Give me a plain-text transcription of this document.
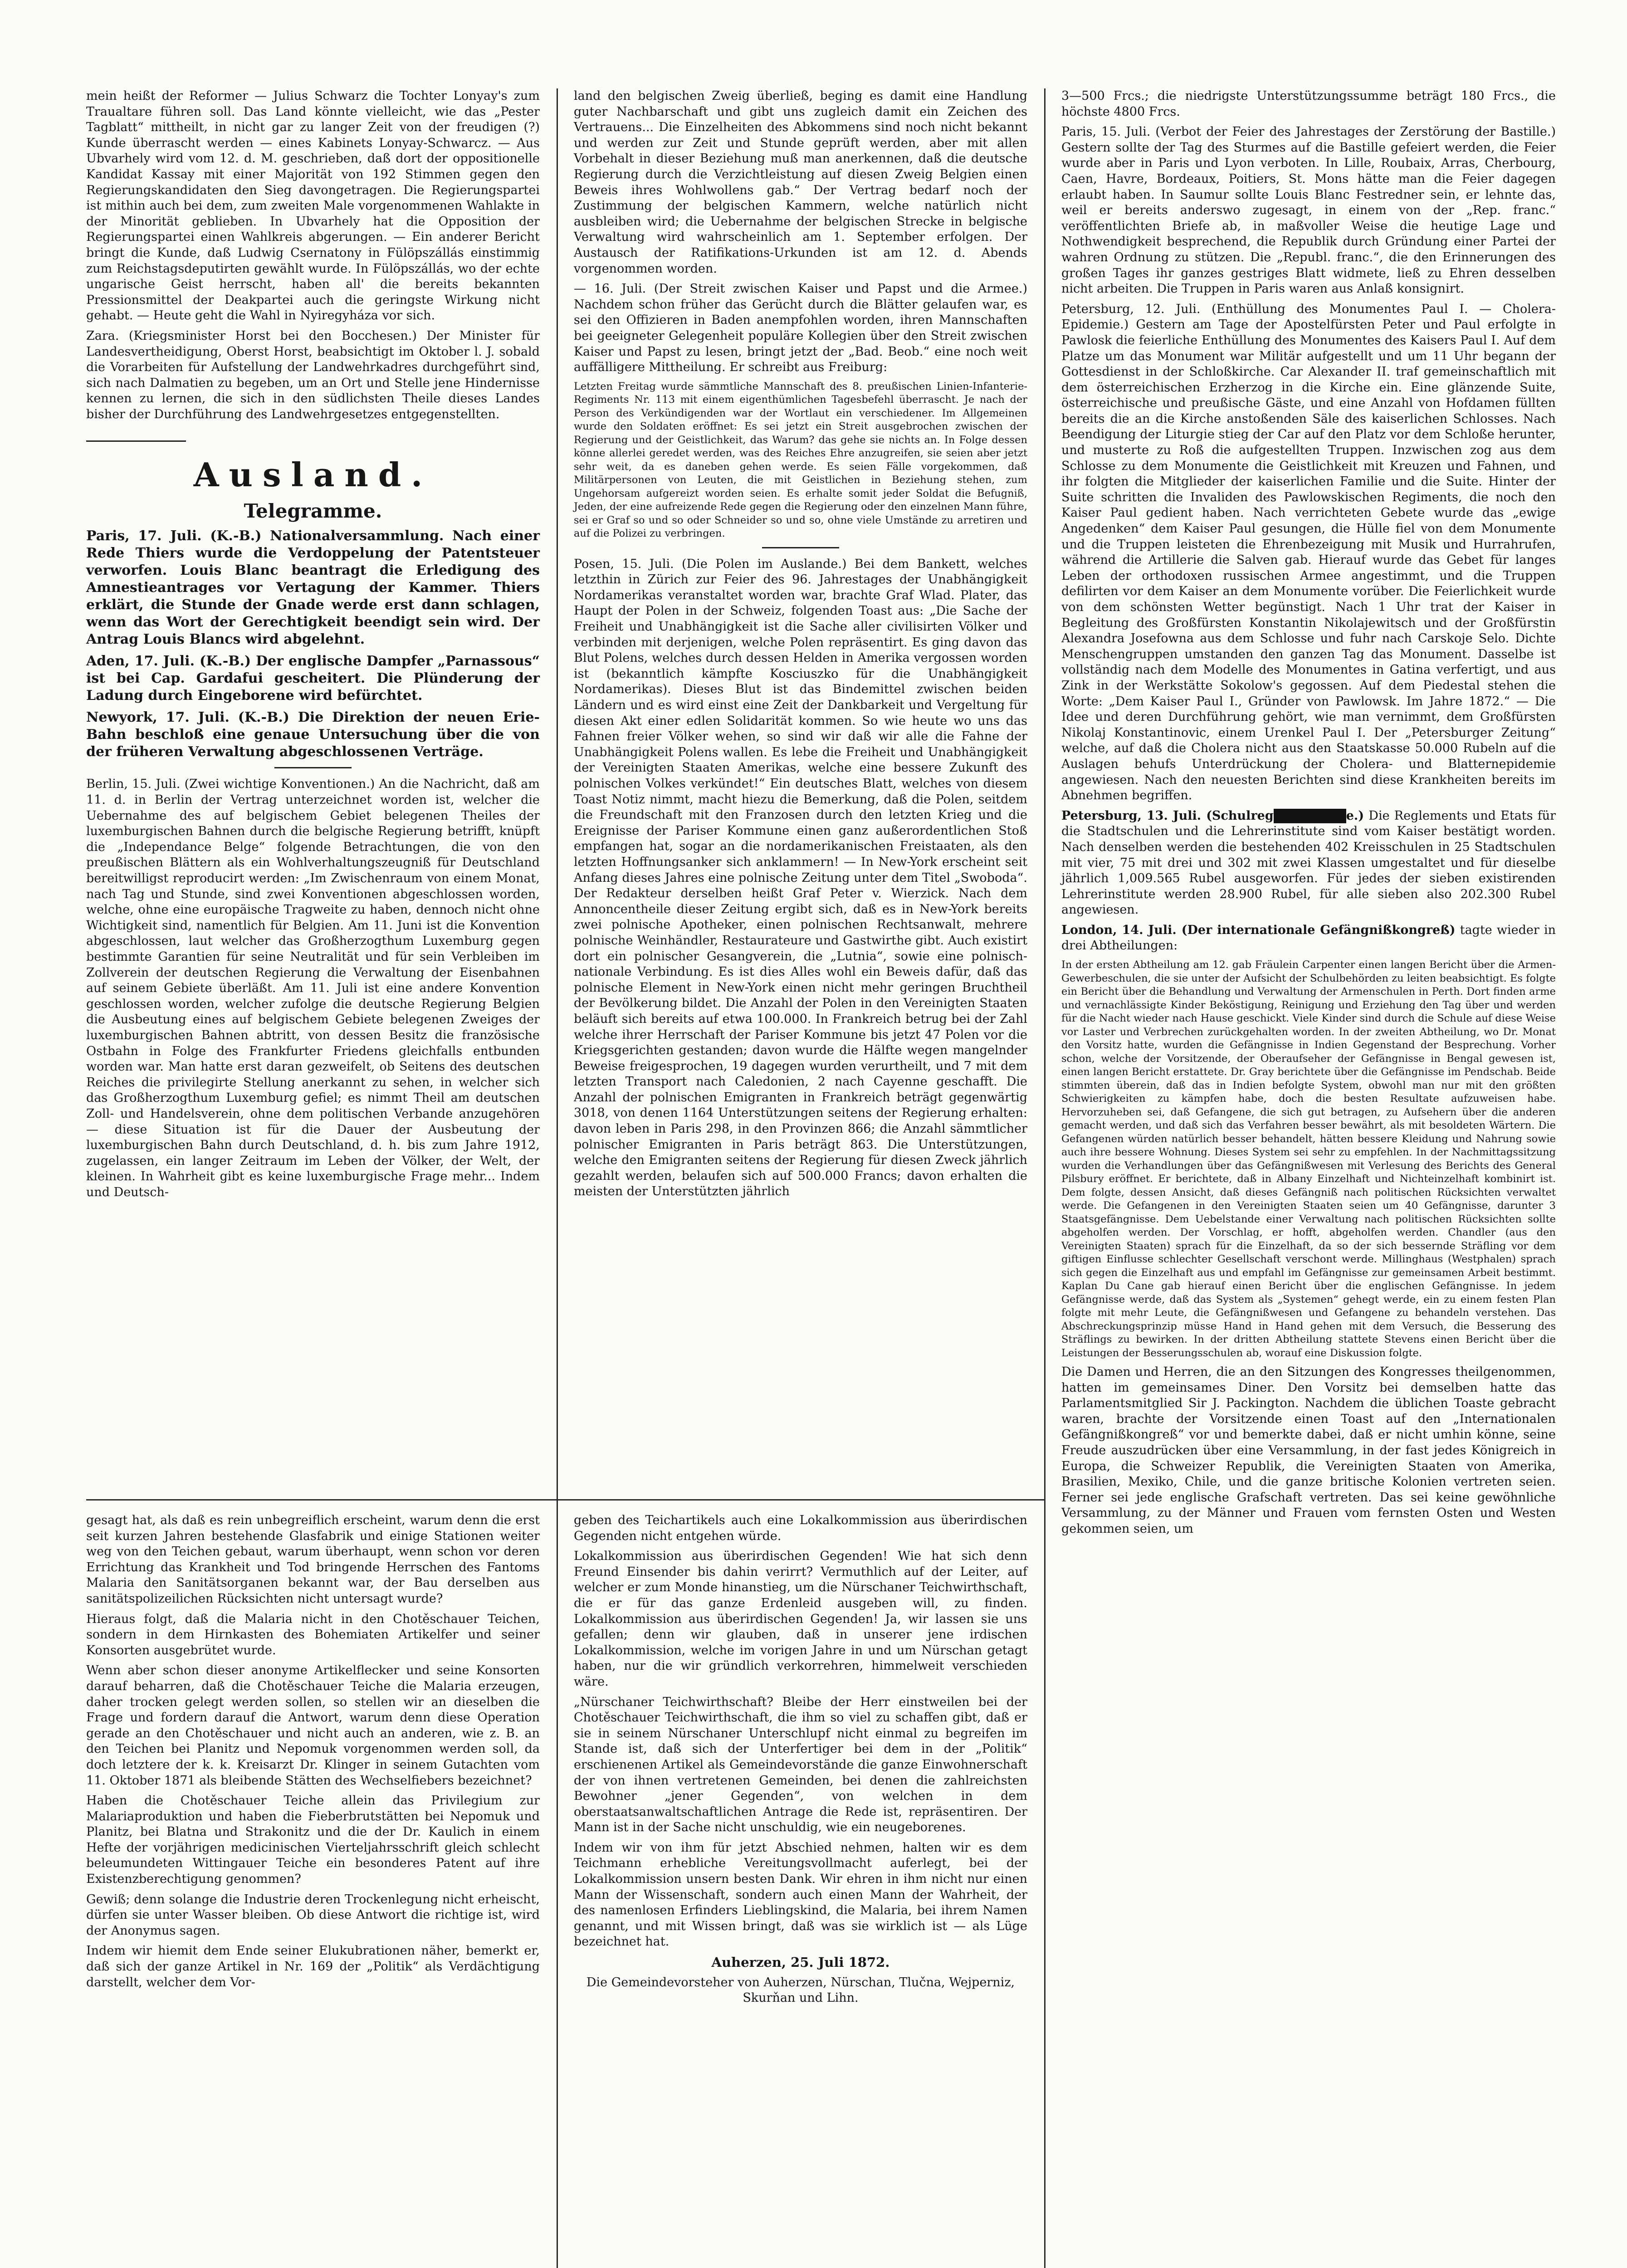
mein heißt der Reformer — Julius Schwarz die Tochter Lonyay's zum Traualtare führen soll. Das Land könnte vielleicht, wie das „Pester Tagblatt“ mittheilt, in nicht gar zu langer Zeit von der freudigen (?) Kunde überrascht werden — eines Kabinets Lonyay-Schwarcz. — Aus Ubvarhely wird vom 12. d. M. geschrieben, daß dort der oppositionelle Kandidat Kassay mit einer Majorität von 192 Stimmen gegen den Regierungskandidaten den Sieg davongetragen. Die Regierungspartei ist mithin auch bei dem, zum zweiten Male vorgenommenen Wahlakte in der Minorität geblieben. In Ubvarhely hat die Opposition der Regierungspartei einen Wahlkreis abgerungen. — Ein anderer Bericht bringt die Kunde, daß Ludwig Csernatony in Fülöpszállás einstimmig zum Reichstagsdeputirten gewählt wurde. In Fülöpszállás, wo der echte ungarische Geist herrscht, haben all' die bereits bekannten Pressionsmittel der Deakpartei auch die geringste Wirkung nicht gehabt. — Heute geht die Wahl in Nyiregyháza vor sich.

Zara. (Kriegsminister Horst bei den Bocchesen.) Der Minister für Landesvertheidigung, Oberst Horst, beabsichtigt im Oktober l. J. sobald die Vorarbeiten für Aufstellung der Landwehrkadres durchgeführt sind, sich nach Dalmatien zu begeben, um an Ort und Stelle jene Hindernisse kennen zu lernen, die sich in den südlichsten Theile dieses Landes bisher der Durchführung des Landwehrgesetzes entgegenstellten.

Ausland.
Telegramme.

Paris, 17. Juli. (K.-B.) Nationalversammlung. Nach einer Rede Thiers wurde die Verdoppelung der Patentsteuer verworfen. Louis Blanc beantragt die Erledigung des Amnestieantrages vor Vertagung der Kammer. Thiers erklärt, die Stunde der Gnade werde erst dann schlagen, wenn das Wort der Gerechtigkeit beendigt sein wird. Der Antrag Louis Blancs wird abgelehnt.

Aden, 17. Juli. (K.-B.) Der englische Dampfer „Parnassous“ ist bei Cap. Gardafui gescheitert. Die Plünderung der Ladung durch Eingeborene wird befürchtet.

Newyork, 17. Juli. (K.-B.) Die Direktion der neuen Erie-Bahn beschloß eine genaue Untersuchung über die von der früheren Verwaltung abgeschlossenen Verträge.

Berlin, 15. Juli. (Zwei wichtige Konventionen.) An die Nachricht, daß am 11. d. in Berlin der Vertrag unterzeichnet worden ist, welcher die Uebernahme des auf belgischem Gebiet belegenen Theiles der luxemburgischen Bahnen durch die belgische Regierung betrifft, knüpft die „Independance Belge“ folgende Betrachtungen, die von den preußischen Blättern als ein Wohlverhaltungszeugniß für Deutschland bereitwilligst reproducirt werden: „Im Zwischenraum von einem Monat, nach Tag und Stunde, sind zwei Konventionen abgeschlossen worden, welche, ohne eine europäische Tragweite zu haben, dennoch nicht ohne Wichtigkeit sind, namentlich für Belgien. Am 11. Juni ist die Konvention abgeschlossen, laut welcher das Großherzogthum Luxemburg gegen bestimmte Garantien für seine Neutralität und für sein Verbleiben im Zollverein der deutschen Regierung die Verwaltung der Eisenbahnen auf seinem Gebiete überläßt. Am 11. Juli ist eine andere Konvention geschlossen worden, welcher zufolge die deutsche Regierung Belgien die Ausbeutung eines auf belgischem Gebiete belegenen Zweiges der luxemburgischen Bahnen abtritt, von dessen Besitz die französische Ostbahn in Folge des Frankfurter Friedens gleichfalls entbunden worden war. Man hatte erst daran gezweifelt, ob Seitens des deutschen Reiches die privilegirte Stellung anerkannt zu sehen, in welcher sich das Großherzogthum Luxemburg gefiel; es nimmt Theil am deutschen Zoll- und Handelsverein, ohne dem politischen Verbande anzugehören — diese Situation ist für die Dauer der Ausbeutung der luxemburgischen Bahn durch Deutschland, d. h. bis zum Jahre 1912, zugelassen, ein langer Zeitraum im Leben der Völker, der Welt, der kleinen. In Wahrheit gibt es keine luxemburgische Frage mehr... Indem und Deutsch-

land den belgischen Zweig überließ, beging es damit eine Handlung guter Nachbarschaft und gibt uns zugleich damit ein Zeichen des Vertrauens... Die Einzelheiten des Abkommens sind noch nicht bekannt und werden zur Zeit und Stunde geprüft werden, aber mit allen Vorbehalt in dieser Beziehung muß man anerkennen, daß die deutsche Regierung durch die Verzichtleistung auf diesen Zweig Belgien einen Beweis ihres Wohlwollens gab.“ Der Vertrag bedarf noch der Zustimmung der belgischen Kammern, welche natürlich nicht ausbleiben wird; die Uebernahme der belgischen Strecke in belgische Verwaltung wird wahrscheinlich am 1. September erfolgen. Der Austausch der Ratifikations-Urkunden ist am 12. d. Abends vorgenommen worden.

— 16. Juli. (Der Streit zwischen Kaiser und Papst und die Armee.) Nachdem schon früher das Gerücht durch die Blätter gelaufen war, es sei den Offizieren in Baden anempfohlen worden, ihren Mannschaften bei geeigneter Gelegenheit populäre Kollegien über den Streit zwischen Kaiser und Papst zu lesen, bringt jetzt der „Bad. Beob.“ eine noch weit auffälligere Mittheilung. Er schreibt aus Freiburg:

Letzten Freitag wurde sämmtliche Mannschaft des 8. preußischen Linien-Infanterie-Regiments Nr. 113 mit einem eigenthümlichen Tagesbefehl überrascht. Je nach der Person des Verkündigenden war der Wortlaut ein verschiedener. Im Allgemeinen wurde den Soldaten eröffnet: Es sei jetzt ein Streit ausgebrochen zwischen der Regierung und der Geistlichkeit, das Warum? das gehe sie nichts an. In Folge dessen könne allerlei geredet werden, was des Reiches Ehre anzugreifen, sie seien aber jetzt sehr weit, da es daneben gehen werde. Es seien Fälle vorgekommen, daß Militärpersonen von Leuten, die mit Geistlichen in Beziehung stehen, zum Ungehorsam aufgereizt worden seien. Es erhalte somit jeder Soldat die Befugniß, Jeden, der eine aufreizende Rede gegen die Regierung oder den einzelnen Mann führe, sei er Graf so und so oder Schneider so und so, ohne viele Umstände zu arretiren und auf die Polizei zu verbringen.

Posen, 15. Juli. (Die Polen im Auslande.) Bei dem Bankett, welches letzthin in Zürich zur Feier des 96. Jahrestages der Unabhängigkeit Nordamerikas veranstaltet worden war, brachte Graf Wlad. Plater, das Haupt der Polen in der Schweiz, folgenden Toast aus: „Die Sache der Freiheit und Unabhängigkeit ist die Sache aller civilisirten Völker und verbinden mit derjenigen, welche Polen repräsentirt. Es ging davon das Blut Polens, welches durch dessen Helden in Amerika vergossen worden ist (bekanntlich kämpfte Kosciuszko für die Unabhängigkeit Nordamerikas). Dieses Blut ist das Bindemittel zwischen beiden Ländern und es wird einst eine Zeit der Dankbarkeit und Vergeltung für diesen Akt einer edlen Solidarität kommen. So wie heute wo uns das Fahnen freier Völker wehen, so sind wir daß wir alle die Fahne der Unabhängigkeit Polens wallen. Es lebe die Freiheit und Unabhängigkeit der Vereinigten Staaten Amerikas, welche eine bessere Zukunft des polnischen Volkes verkündet!“ Ein deutsches Blatt, welches von diesem Toast Notiz nimmt, macht hiezu die Bemerkung, daß die Polen, seitdem die Freundschaft mit den Franzosen durch den letzten Krieg und die Ereignisse der Pariser Kommune einen ganz außerordentlichen Stoß empfangen hat, sogar an die nordamerikanischen Freistaaten, als den letzten Hoffnungsanker sich anklammern! — In New-York erscheint seit Anfang dieses Jahres eine polnische Zeitung unter dem Titel „Swoboda“. Der Redakteur derselben heißt Graf Peter v. Wierzick. Nach dem Annoncentheile dieser Zeitung ergibt sich, daß es in New-York bereits zwei polnische Apotheker, einen polnischen Rechtsanwalt, mehrere polnische Weinhändler, Restaurateure und Gastwirthe gibt. Auch existirt dort ein polnischer Gesangverein, die „Lutnia“, sowie eine polnisch-nationale Verbindung. Es ist dies Alles wohl ein Beweis dafür, daß das polnische Element in New-York einen nicht mehr geringen Bruchtheil der Bevölkerung bildet. Die Anzahl der Polen in den Vereinigten Staaten beläuft sich bereits auf etwa 100.000. In Frankreich betrug bei der Zahl welche ihrer Herrschaft der Pariser Kommune bis jetzt 47 Polen vor die Kriegsgerichten gestanden; davon wurde die Hälfte wegen mangelnder Beweise freigesprochen, 19 dagegen wurden verurtheilt, und 7 mit dem letzten Transport nach Caledonien, 2 nach Cayenne geschafft. Die Anzahl der polnischen Emigranten in Frankreich beträgt gegenwärtig 3018, von denen 1164 Unterstützungen seitens der Regierung erhalten: davon leben in Paris 298, in den Provinzen 866; die Anzahl sämmtlicher polnischer Emigranten in Paris beträgt 863. Die Unterstützungen, welche den Emigranten seitens der Regierung für diesen Zweck jährlich gezahlt werden, belaufen sich auf 500.000 Francs; davon erhalten die meisten der Unterstützten jährlich

3—500 Frcs.; die niedrigste Unterstützungssumme beträgt 180 Frcs., die höchste 4800 Frcs.

Paris, 15. Juli. (Verbot der Feier des Jahrestages der Zerstörung der Bastille.) Gestern sollte der Tag des Sturmes auf die Bastille gefeiert werden, die Feier wurde aber in Paris und Lyon verboten. In Lille, Roubaix, Arras, Cherbourg, Caen, Havre, Bordeaux, Poitiers, St. Mons hätte man die Feier dagegen erlaubt haben. In Saumur sollte Louis Blanc Festredner sein, er lehnte das, weil er bereits anderswo zugesagt, in einem von der „Rep. franc.“ veröffentlichten Briefe ab, in maßvoller Weise die heutige Lage und Nothwendigkeit besprechend, die Republik durch Gründung einer Partei der wahren Ordnung zu stützen. Die „Republ. franc.“, die den Erinnerungen des großen Tages ihr ganzes gestriges Blatt widmete, ließ zu Ehren desselben nicht arbeiten. Die Truppen in Paris waren aus Anlaß konsignirt.

Petersburg, 12. Juli. (Enthüllung des Monumentes Paul I. — Cholera-Epidemie.) Gestern am Tage der Apostelfürsten Peter und Paul erfolgte in Pawlosk die feierliche Enthüllung des Monumentes des Kaisers Paul I. Auf dem Platze um das Monument war Militär aufgestellt und um 11 Uhr begann der Gottesdienst in der Schloßkirche. Car Alexander II. traf gemeinschaftlich mit dem österreichischen Erzherzog in die Kirche ein. Eine glänzende Suite, österreichische und preußische Gäste, und eine Anzahl von Hofdamen füllten bereits die an die Kirche anstoßenden Säle des kaiserlichen Schlosses. Nach Beendigung der Liturgie stieg der Car auf den Platz vor dem Schloße herunter, und musterte zu Roß die aufgestellten Truppen. Inzwischen zog aus dem Schlosse zu dem Monumente die Geistlichkeit mit Kreuzen und Fahnen, und ihr folgten die Mitglieder der kaiserlichen Familie und die Suite. Hinter der Suite schritten die Invaliden des Pawlowskischen Regiments, die noch den Kaiser Paul gedient haben. Nach verrichteten Gebete wurde das „ewige Angedenken“ dem Kaiser Paul gesungen, die Hülle fiel von dem Monumente und die Truppen leisteten die Ehrenbezeigung mit Musik und Hurrahrufen, während die Artillerie die Salven gab. Hierauf wurde das Gebet für langes Leben der orthodoxen russischen Armee angestimmt, und die Truppen defilirten vor dem Kaiser an dem Monumente vorüber. Die Feierlichkeit wurde von dem schönsten Wetter begünstigt. Nach 1 Uhr trat der Kaiser in Begleitung des Großfürsten Konstantin Nikolajewitsch und der Großfürstin Alexandra Josefowna aus dem Schlosse und fuhr nach Carskoje Selo. Dichte Menschengruppen umstanden den ganzen Tag das Monument. Dasselbe ist vollständig nach dem Modelle des Monumentes in Gatina verfertigt, und aus Zink in der Werkstätte Sokolow's gegossen. Auf dem Piedestal stehen die Worte: „Dem Kaiser Paul I., Gründer von Pawlowsk. Im Jahre 1872.“ — Die Idee und deren Durchführung gehört, wie man vernimmt, dem Großfürsten Nikolaj Konstantinovic, einem Urenkel Paul I. Der „Petersburger Zeitung“ welche, auf daß die Cholera nicht aus den Staatskasse 50.000 Rubeln auf die Auslagen behufs Unterdrückung der Cholera- und Blatternepidemie angewiesen. Nach den neuesten Berichten sind diese Krankheiten bereits im Abnehmen begriffen.

Petersburg, 13. Juli. (Schulreg	e.) Die Reglements und Etats für die Stadtschulen und die Lehrerinstitute sind vom Kaiser bestätigt worden. Nach denselben werden die bestehenden 402 Kreisschulen in 25 Stadtschulen mit vier, 75 mit drei und 302 mit zwei Klassen umgestaltet und für dieselbe jährlich 1,009.565 Rubel ausgeworfen. Für jedes der sieben existirenden Lehrerinstitute werden 28.900 Rubel, für alle sieben also 202.300 Rubel angewiesen.

London, 14. Juli. (Der internationale Gefängnißkongreß) tagte wieder in drei Abtheilungen:

In der ersten Abtheilung am 12. gab Fräulein Carpenter einen langen Bericht über die Armen-Gewerbeschulen, die sie unter der Aufsicht der Schulbehörden zu leiten beabsichtigt. Es folgte ein Bericht über die Behandlung und Verwaltung der Armenschulen in Perth. Dort finden arme und vernachlässigte Kinder Beköstigung, Reinigung und Erziehung den Tag über und werden für die Nacht wieder nach Hause geschickt. Viele Kinder sind durch die Schule auf diese Weise vor Laster und Verbrechen zurückgehalten worden. In der zweiten Abtheilung, wo Dr. Monat den Vorsitz hatte, wurden die Gefängnisse in Indien Gegenstand der Besprechung. Vorher schon, welche der Vorsitzende, der Oberaufseher der Gefängnisse in Bengal gewesen ist, einen langen Bericht erstattete. Dr. Gray berichtete über die Gefängnisse im Pendschab. Beide stimmten überein, daß das in Indien befolgte System, obwohl man nur mit den größten Schwierigkeiten zu kämpfen habe, doch die besten Resultate aufzuweisen habe. Hervorzuheben sei, daß Gefangene, die sich gut betragen, zu Aufsehern über die anderen gemacht werden, und daß sich das Verfahren besser bewährt, als mit besoldeten Wärtern. Die Gefangenen würden natürlich besser behandelt, hätten bessere Kleidung und Nahrung sowie auch ihre bessere Wohnung. Dieses System sei sehr zu empfehlen. In der Nachmittagssitzung wurden die Verhandlungen über das Gefängnißwesen mit Verlesung des Berichts des General Pilsbury eröffnet. Er berichtete, daß in Albany Einzelhaft und Nichteinzelhaft kombinirt ist. Dem folgte, dessen Ansicht, daß dieses Gefängniß nach politischen Rücksichten verwaltet werde. Die Gefangenen in den Vereinigten Staaten seien um 40 Gefängnisse, darunter 3 Staatsgefängnisse. Dem Uebelstande einer Verwaltung nach politischen Rücksichten sollte abgeholfen werden. Der Vorschlag, er hofft, abgeholfen werden. Chandler (aus den Vereinigten Staaten) sprach für die Einzelhaft, da so der sich bessernde Sträfling vor dem giftigen Einflusse schlechter Gesellschaft verschont werde. Millinghaus (Westphalen) sprach sich gegen die Einzelhaft aus und empfahl im Gefängnisse zur gemeinsamen Arbeit bestimmt. Kaplan Du Cane gab hierauf einen Bericht über die englischen Gefängnisse. In jedem Gefängnisse werde, daß das System als „Systemen“ gehegt werde, ein zu einem festen Plan folgte mit mehr Leute, die Gefängnißwesen und Gefangene zu behandeln verstehen. Das Abschreckungsprinzip müsse Hand in Hand gehen mit dem Versuch, die Besserung des Sträflings zu bewirken. In der dritten Abtheilung stattete Stevens einen Bericht über die Leistungen der Besserungsschulen ab, worauf eine Diskussion folgte.

Die Damen und Herren, die an den Sitzungen des Kongresses theilgenommen, hatten im gemeinsames Diner. Den Vorsitz bei demselben hatte das Parlamentsmitglied Sir J. Packington. Nachdem die üblichen Toaste gebracht waren, brachte der Vorsitzende einen Toast auf den „Internationalen Gefängnißkongreß“ vor und bemerkte dabei, daß er nicht umhin könne, seine Freude auszudrücken über eine Versammlung, in der fast jedes Königreich in Europa, die Schweizer Republik, die Vereinigten Staaten von Amerika, Brasilien, Mexiko, Chile, und die ganze britische Kolonien vertreten seien. Ferner sei jede englische Grafschaft vertreten. Das sei keine gewöhnliche Versammlung, zu der Männer und Frauen vom fernsten Osten und Westen gekommen seien, um

gesagt hat, als daß es rein unbegreiflich erscheint, warum denn die erst seit kurzen Jahren bestehende Glasfabrik und einige Stationen weiter weg von den Teichen gebaut, warum überhaupt, wenn schon vor deren Errichtung das Krankheit und Tod bringende Herrschen des Fantoms Malaria den Sanitätsorganen bekannt war, der Bau derselben aus sanitätspolizeilichen Rücksichten nicht untersagt wurde?

Hieraus folgt, daß die Malaria nicht in den Chotěschauer Teichen, sondern in dem Hirnkasten des Bohemiaten Artikelfer und seiner Konsorten ausgebrütet wurde.

Wenn aber schon dieser anonyme Artikelflecker und seine Konsorten darauf beharren, daß die Chotěschauer Teiche die Malaria erzeugen, daher trocken gelegt werden sollen, so stellen wir an dieselben die Frage und fordern darauf die Antwort, warum denn diese Operation gerade an den Chotěschauer und nicht auch an anderen, wie z. B. an den Teichen bei Planitz und Nepomuk vorgenommen werden soll, da doch letztere der k. k. Kreisarzt Dr. Klinger in seinem Gutachten vom 11. Oktober 1871 als bleibende Stätten des Wechselfiebers bezeichnet?

Haben die Chotěschauer Teiche allein das Privilegium zur Malariaproduktion und haben die Fieberbrutstätten bei Nepomuk und Planitz, bei Blatna und Strakonitz und die der Dr. Kaulich in einem Hefte der vorjährigen medicinischen Vierteljahrsschrift gleich schlecht beleumundeten Wittingauer Teiche ein besonderes Patent auf ihre Existenzberechtigung genommen?

Gewiß; denn solange die Industrie deren Trockenlegung nicht erheischt, dürfen sie unter Wasser bleiben. Ob diese Antwort die richtige ist, wird der Anonymus sagen.

Indem wir hiemit dem Ende seiner Elukubrationen näher, bemerkt er, daß sich der ganze Artikel in Nr. 169 der „Politik“ als Verdächtigung darstellt, welcher dem Vor-

geben des Teichartikels auch eine Lokalkommission aus überirdischen Gegenden nicht entgehen würde.

Lokalkommission aus überirdischen Gegenden! Wie hat sich denn Freund Einsender bis dahin verirrt? Vermuthlich auf der Leiter, auf welcher er zum Monde hinanstieg, um die Nürschaner Teichwirthschaft, die er für das ganze Erdenleid ausgeben will, zu finden. Lokalkommission aus überirdischen Gegenden! Ja, wir lassen sie uns gefallen; denn wir glauben, daß in unserer jene irdischen Lokalkommission, welche im vorigen Jahre in und um Nürschan getagt haben, nur die wir gründlich verkorrehren, himmelweit verschieden wäre.

„Nürschaner Teichwirthschaft? Bleibe der Herr einstweilen bei der Chotěschauer Teichwirthschaft, die ihm so viel zu schaffen gibt, daß er sie in seinem Nürschaner Unterschlupf nicht einmal zu begreifen im Stande ist, daß sich der Unterfertiger bei dem in der „Politik“ erschienenen Artikel als Gemeindevorstände die ganze Einwohnerschaft der von ihnen vertretenen Gemeinden, bei denen die zahlreichsten Bewohner „jener Gegenden“, von welchen in dem oberstaatsanwaltschaftlichen Antrage die Rede ist, repräsentiren. Der Mann ist in der Sache nicht unschuldig, wie ein neugeborenes.

Indem wir von ihm für jetzt Abschied nehmen, halten wir es dem Teichmann erhebliche Vereitungsvollmacht auferlegt, bei der Lokalkommission unsern besten Dank. Wir ehren in ihm nicht nur einen Mann der Wissenschaft, sondern auch einen Mann der Wahrheit, der des namenlosen Erfinders Lieblingskind, die Malaria, bei ihrem Namen genannt, und mit Wissen bringt, daß was sie wirklich ist — als Lüge bezeichnet hat.

Auherzen, 25. Juli 1872.

Die Gemeindevorsteher von Auherzen, Nürschan, Tlučna, Wejperniz, Skurňan und Lihn.
